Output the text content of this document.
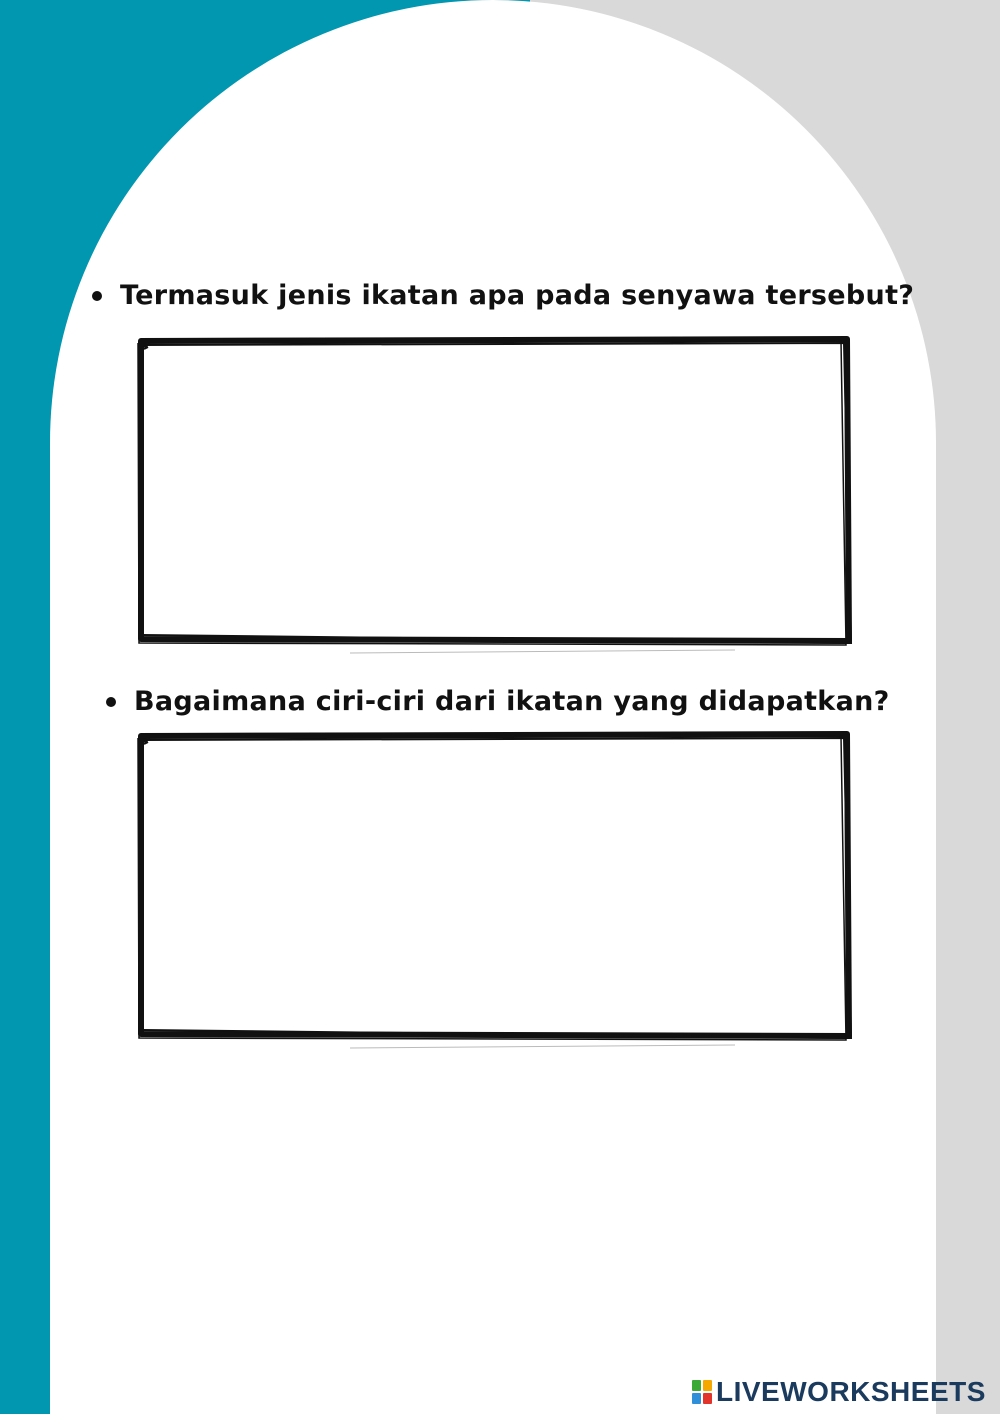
Termasuk jenis ikatan apa pada senyawa tersebut?
Bagaimana ciri-ciri dari ikatan yang didapatkan?
LIVEWORKSHEETS
